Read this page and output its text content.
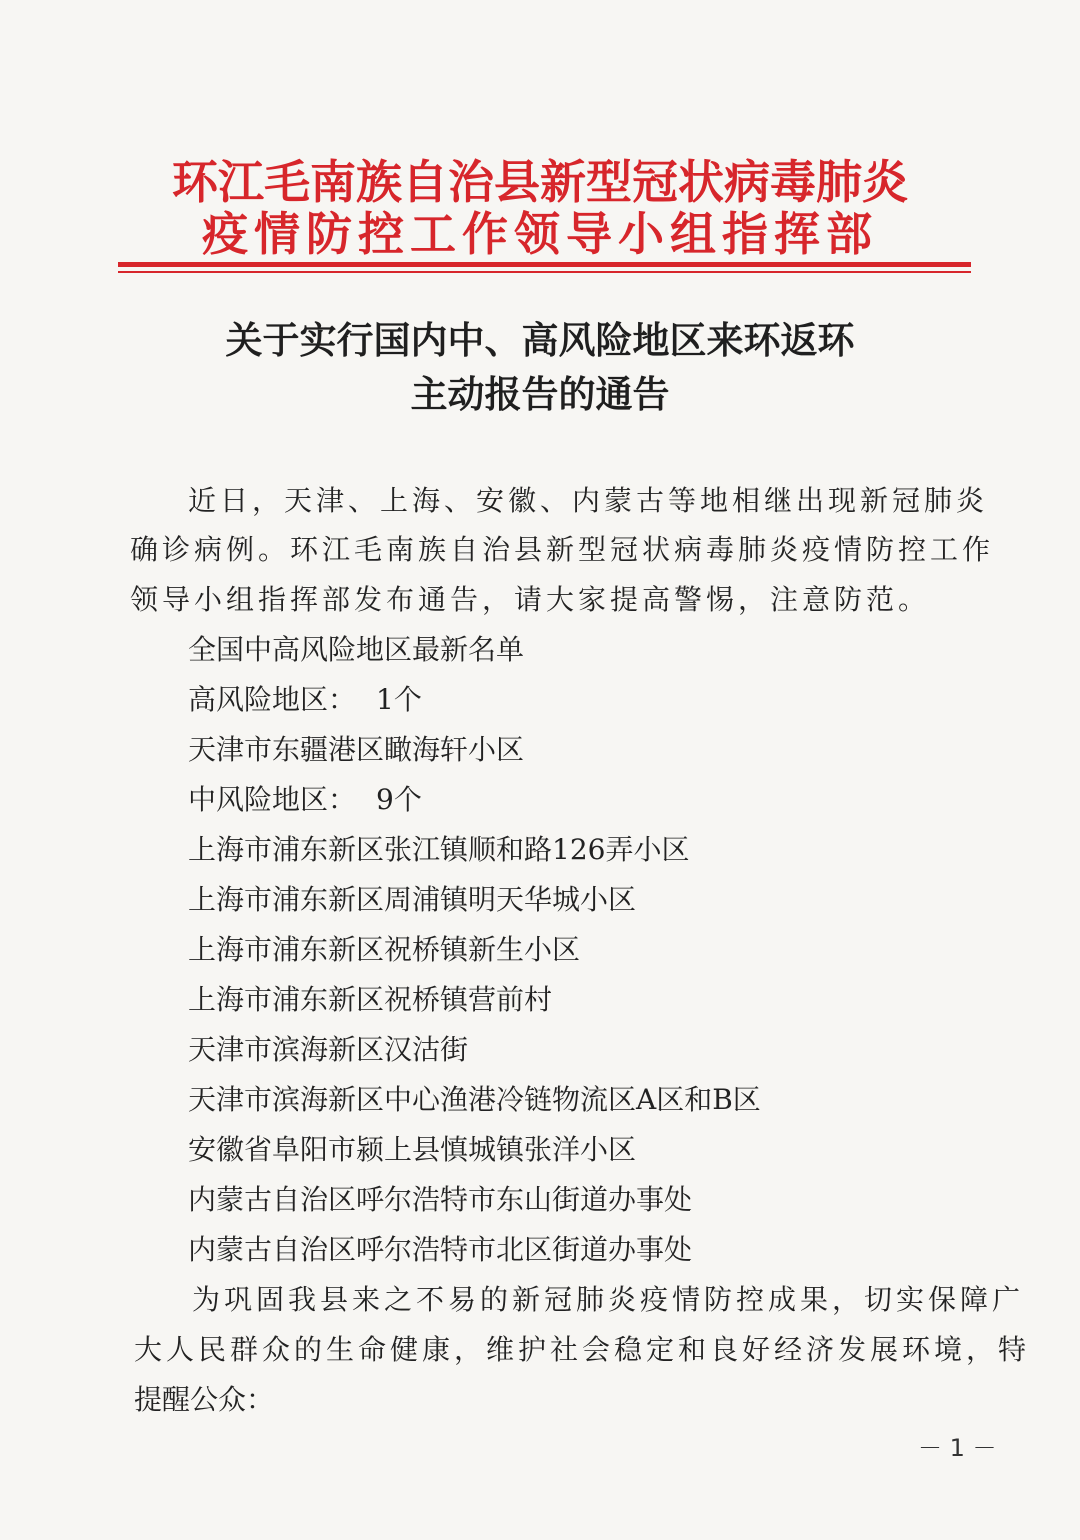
环江毛南族自治县新型冠状病毒肺炎
疫情防控工作领导小组指挥部
关于实行国内中、高风险地区来环返环
主动报告的通告
近日，天津、上海、安徽、内蒙古等地相继出现新冠肺炎
确诊病例。环江毛南族自治县新型冠状病毒肺炎疫情防控工作
领导小组指挥部发布通告，请大家提高警惕，注意防范。
全国中高风险地区最新名单
高风险地区： 1个
天津市东疆港区瞰海轩小区
中风险地区： 9个
上海市浦东新区张江镇顺和路126弄小区
上海市浦东新区周浦镇明天华城小区
上海市浦东新区祝桥镇新生小区
上海市浦东新区祝桥镇营前村
天津市滨海新区汉沽街
天津市滨海新区中心渔港冷链物流区A区和B区
安徽省阜阳市颍上县慎城镇张洋小区
内蒙古自治区呼尔浩特市东山街道办事处
内蒙古自治区呼尔浩特市北区街道办事处
为巩固我县来之不易的新冠肺炎疫情防控成果，切实保障广
大人民群众的生命健康，维护社会稳定和良好经济发展环境，特
提醒公众：
－ 1 －
